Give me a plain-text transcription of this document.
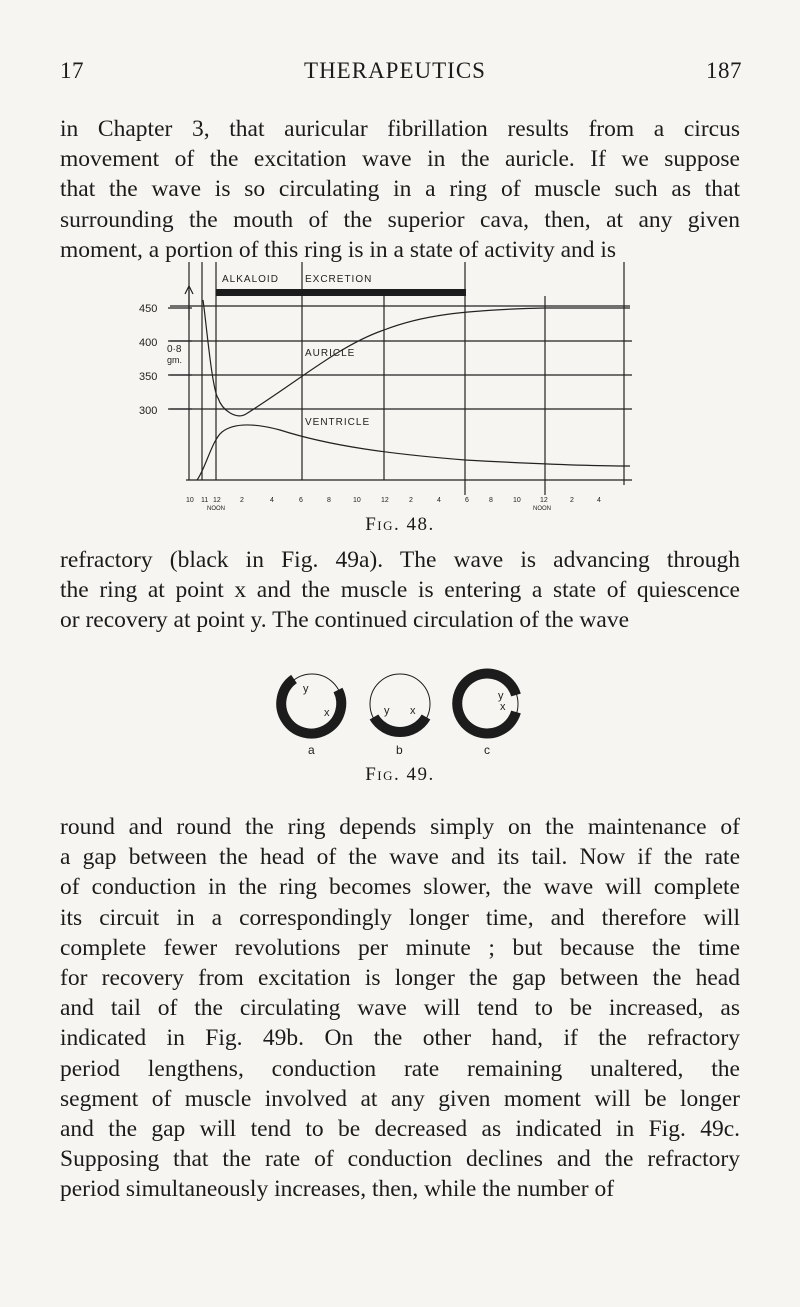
17	THERAPEUTICS	187

in Chapter 3, that auricular fibrillation results from a circus
movement of the excitation wave in the auricle. If we suppose
that the wave is so circulating in a ring of muscle such as that
surrounding the mouth of the superior cava, then, at any given
moment, a portion of this ring is in a state of activity and is

450
400
350
300
0·8
gm.
ALKALOID	EXCRETION
AURICLE
VENTRICLE
10 11 12	2	4	6	8	10	12	2	4	6	8	10	12	2	4
NOON	NOON
Fig. 48.

refractory (black in Fig. 49a). The wave is advancing through
the ring at point x and the muscle is entering a state of quiescence
or recovery at point y. The continued circulation of the wave

y
x	y x
y
x
a	b	c
Fig. 49.

round and round the ring depends simply on the maintenance of
a gap between the head of the wave and its tail. Now if the rate
of conduction in the ring becomes slower, the wave will complete
its circuit in a correspondingly longer time, and therefore will
complete fewer revolutions per minute ; but because the time
for recovery from excitation is longer the gap between the head
and tail of the circulating wave will tend to be increased, as
indicated in Fig. 49b. On the other hand, if the refractory
period lengthens, conduction rate remaining unaltered, the
segment of muscle involved at any given moment will be longer
and the gap will tend to be decreased as indicated in Fig. 49c.
Supposing that the rate of conduction declines and the refractory
period simultaneously increases, then, while the number of
